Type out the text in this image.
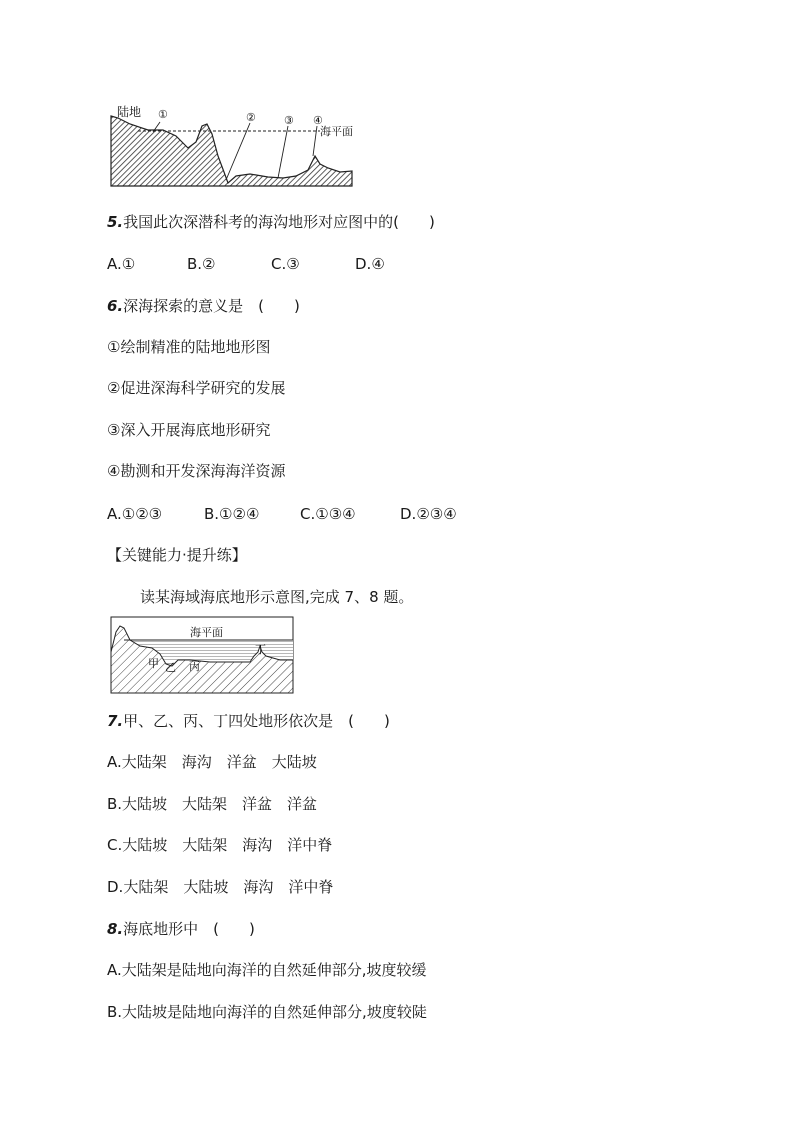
陆地 ①	②	③ ④
海平面
5.我国此次深潜科考的海沟地形对应图中的(　　)
A.①	B.②	C.③	D.④
6.深海探索的意义是　(　　)
①绘制精准的陆地地形图
②促进深海科学研究的发展
③深入开展海底地形研究
④勘测和开发深海海洋资源
A.①②③	B.①②④	C.①③④	D.②③④
【关键能力·提升练】
读某海域海底地形示意图,完成 7、8 题。
海平面
甲 乙 丙
丁
7.甲、乙、丙、丁四处地形依次是　(　　)
A.大陆架　海沟　洋盆　大陆坡
B.大陆坡　大陆架　洋盆　洋盆
C.大陆坡　大陆架　海沟　洋中脊
D.大陆架　大陆坡　海沟　洋中脊
8.海底地形中　(　　)
A.大陆架是陆地向海洋的自然延伸部分,坡度较缓
B.大陆坡是陆地向海洋的自然延伸部分,坡度较陡
